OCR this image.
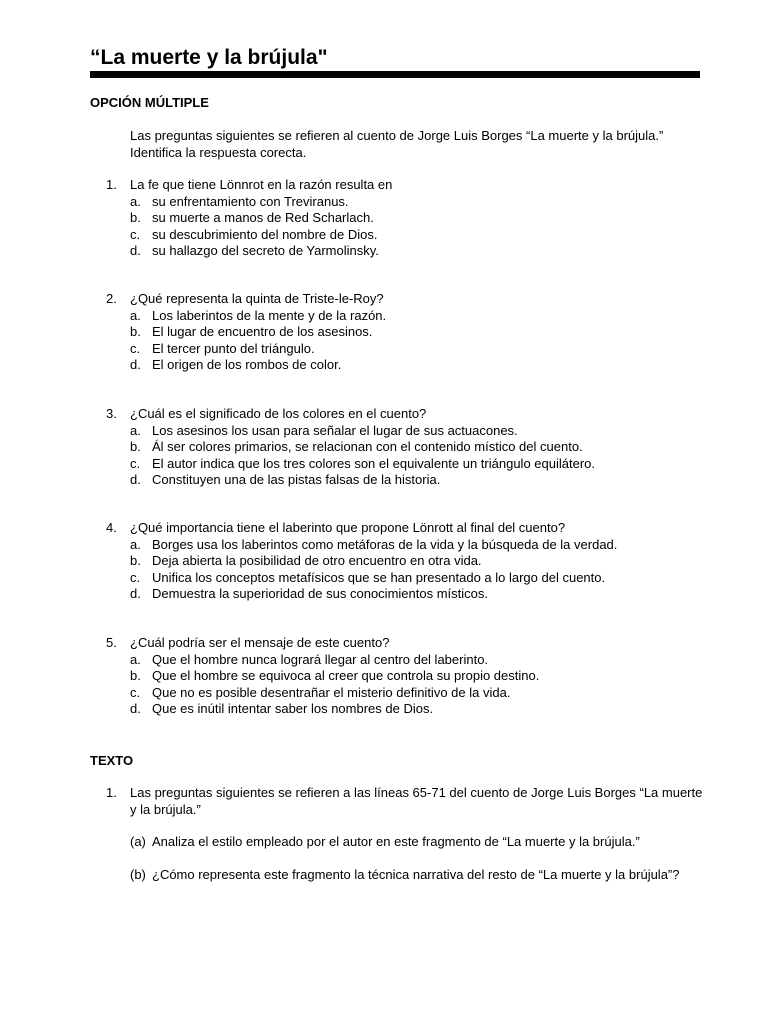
“La muerte y la brújula"
OPCIÓN MÚLTIPLE
Las preguntas siguientes se refieren al cuento de Jorge Luis Borges “La muerte y la brújula.” Identifica la respuesta corecta.
1.	La fe que tiene Lönnrot en la razón resulta en
a. su enfrentamiento con Treviranus.
b. su muerte a manos de Red Scharlach.
c. su descubrimiento del nombre de Dios.
d. su hallazgo del secreto de Yarmolinsky.
2.	¿Qué representa la quinta de Triste-le-Roy?
a. Los laberintos de la mente y de la razón.
b. El lugar de encuentro de los asesinos.
c. El tercer punto del triángulo.
d. El origen de los rombos de color.
3.	¿Cuál es el significado de los colores en el cuento?
a. Los asesinos los usan para señalar el lugar de sus actuacones.
b. Ál ser colores primarios, se relacionan con el contenido místico del cuento.
c. El autor indica que los tres colores son el equivalente un triángulo equilátero.
d. Constituyen una de las pistas falsas de la historia.
4.	¿Qué importancia tiene el laberinto que propone Lönrott al final del cuento?
a. Borges usa los laberintos como metáforas de la vida y la búsqueda de la verdad.
b. Deja abierta la posibilidad de otro encuentro en otra vida.
c. Unifica los conceptos metafísicos que se han presentado a lo largo del cuento.
d. Demuestra la superioridad de sus conocimientos místicos.
5.	¿Cuál podría ser el mensaje de este cuento?
a. Que el hombre nunca logrará llegar al centro del laberinto.
b. Que el hombre se equivoca al creer que controla su propio destino.
c. Que no es posible desentrañar el misterio definitivo de la vida.
d. Que es inútil intentar saber los nombres de Dios.
TEXTO
1.	Las preguntas siguientes se refieren a las líneas 65-71 del cuento de Jorge Luis Borges “La muerte y la brújula.”
(a) Analiza el estilo empleado por el autor en este fragmento de “La muerte y la brújula.”
(b) ¿Cómo representa este fragmento la técnica narrativa del resto de “La muerte y la brújula”?
